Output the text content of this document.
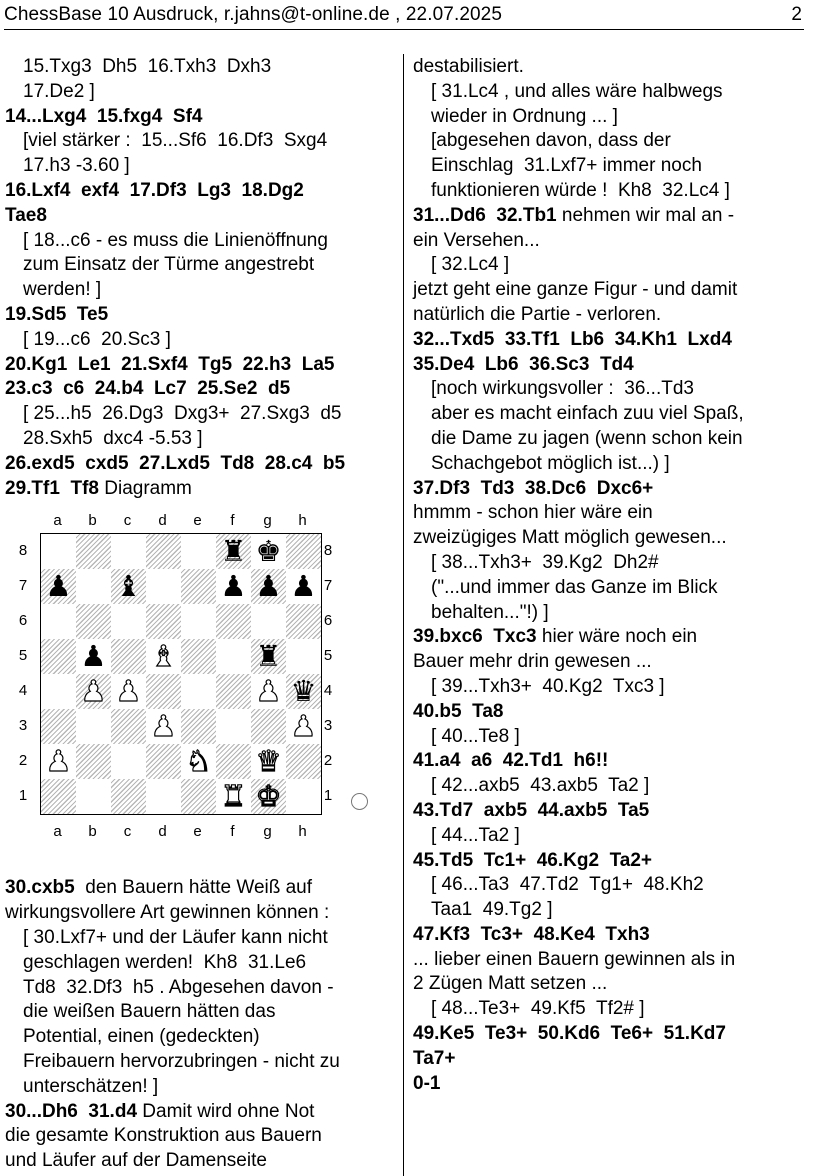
ChessBase 10 Ausdruck, r.jahns@t-online.de , 22.07.2025	2
15.Txg3  Dh5  16.Txh3  Dxh3
17.De2 ]
14...Lxg4  15.fxg4  Sf4
[viel stärker :  15...Sf6  16.Df3  Sxg4
17.h3 -3.60 ]
16.Lxf4  exf4  17.Df3  Lg3  18.Dg2
Tae8
[ 18...c6 - es muss die Linienöffnung
zum Einsatz der Türme angestrebt
werden! ]
19.Sd5  Te5
[ 19...c6  20.Sc3 ]
20.Kg1  Le1  21.Sxf4  Tg5  22.h3  La5
23.c3  c6  24.b4  Lc7  25.Se2  d5
[ 25...h5  26.Dg3  Dxg3+  27.Sxg3  d5
28.Sxh5  dxc4 -5.53 ]
26.exd5  cxd5  27.Lxd5  Td8  28.c4  b5
29.Tf1  Tf8 Diagramm
a	b	c	d	e	f	g	h
8
7
6
5
4
3
2
1
♜ ♚
♟ ♝	♟ ♟ ♟
♟ ♝	♜
♟ ♟	♟ ♛
♟	♟
♟	♞ ♛
♜ ♚
8
7
6
5
4
3
2
1
a	b	c	d	e	f	g	h
30.cxb5  den Bauern hätte Weiß auf
wirkungsvollere Art gewinnen können :
[ 30.Lxf7+ und der Läufer kann nicht
geschlagen werden!  Kh8  31.Le6
Td8  32.Df3  h5 . Abgesehen davon -
die weißen Bauern hätten das
Potential, einen (gedeckten)
Freibauern hervorzubringen - nicht zu
unterschätzen! ]
30...Dh6  31.d4 Damit wird ohne Not
die gesamte Konstruktion aus Bauern
und Läufer auf der Damenseite
destabilisiert.
[ 31.Lc4 , und alles wäre halbwegs
wieder in Ordnung ... ]
[abgesehen davon, dass der
Einschlag  31.Lxf7+ immer noch
funktionieren würde !  Kh8  32.Lc4 ]
31...Dd6  32.Tb1 nehmen wir mal an -
ein Versehen...
[ 32.Lc4 ]
jetzt geht eine ganze Figur - und damit
natürlich die Partie - verloren.
32...Txd5  33.Tf1  Lb6  34.Kh1  Lxd4
35.De4  Lb6  36.Sc3  Td4
[noch wirkungsvoller :  36...Td3
aber es macht einfach zuu viel Spaß,
die Dame zu jagen (wenn schon kein
Schachgebot möglich ist...) ]
37.Df3  Td3  38.Dc6  Dxc6+
hmmm - schon hier wäre ein
zweizügiges Matt möglich gewesen...
[ 38...Txh3+  39.Kg2  Dh2#
("...und immer das Ganze im Blick
behalten..."!) ]
39.bxc6  Txc3 hier wäre noch ein
Bauer mehr drin gewesen ...
[ 39...Txh3+  40.Kg2  Txc3 ]
40.b5  Ta8
[ 40...Te8 ]
41.a4  a6  42.Td1  h6!!
[ 42...axb5  43.axb5  Ta2 ]
43.Td7  axb5  44.axb5  Ta5
[ 44...Ta2 ]
45.Td5  Tc1+  46.Kg2  Ta2+
[ 46...Ta3  47.Td2  Tg1+  48.Kh2
Taa1  49.Tg2 ]
47.Kf3  Tc3+  48.Ke4  Txh3
... lieber einen Bauern gewinnen als in
2 Zügen Matt setzen ...
[ 48...Te3+  49.Kf5  Tf2# ]
49.Ke5  Te3+  50.Kd6  Te6+  51.Kd7
Ta7+
0-1
